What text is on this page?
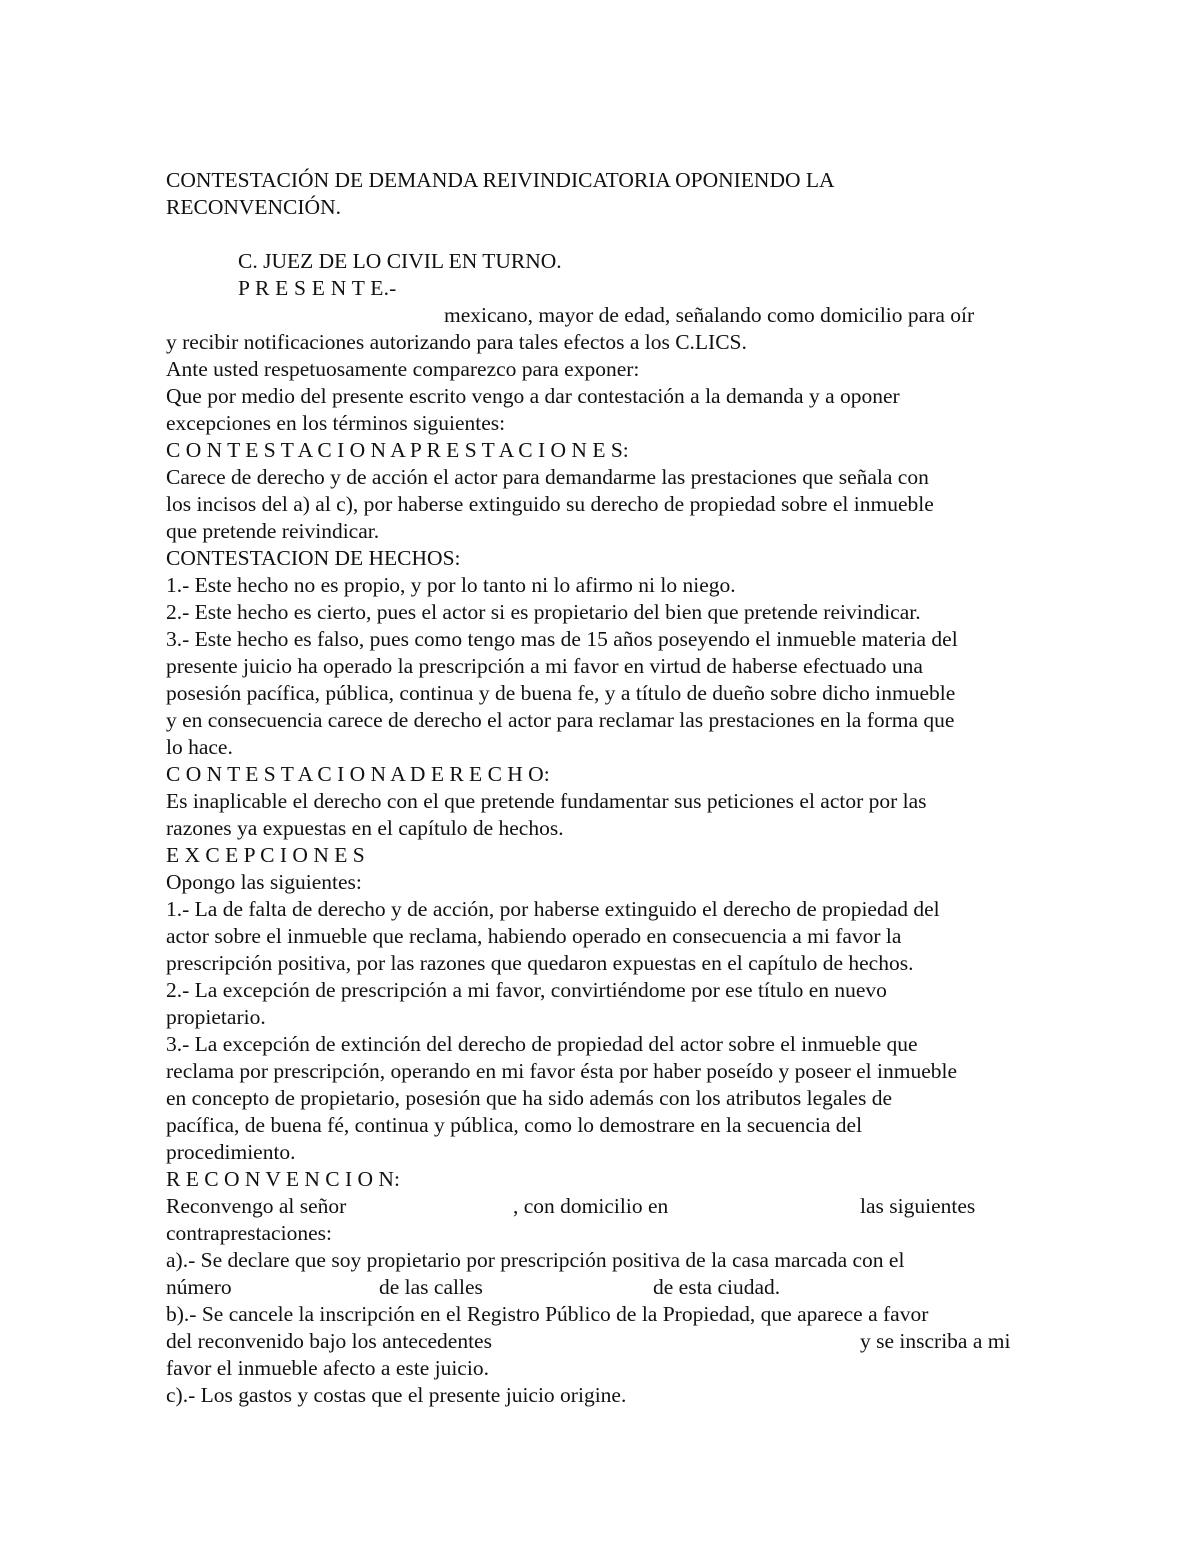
CONTESTACIÓN DE DEMANDA REIVINDICATORIA OPONIENDO LA
RECONVENCIÓN.
C. JUEZ DE LO CIVIL EN TURNO.
P R E S E N T E.-
mexicano, mayor de edad, señalando como domicilio para oír
y recibir notificaciones autorizando para tales efectos a los C.LICS.
Ante usted respetuosamente comparezco para exponer:
Que por medio del presente escrito vengo a dar contestación a la demanda y a oponer
excepciones en los términos siguientes:
C O N T E S T A C I O N A P R E S T A C I O N E S:
Carece de derecho y de acción el actor para demandarme las prestaciones que señala con
los incisos del a) al c), por haberse extinguido su derecho de propiedad sobre el inmueble
que pretende reivindicar.
CONTESTACION DE HECHOS:
1.- Este hecho no es propio, y por lo tanto ni lo afirmo ni lo niego.
2.- Este hecho es cierto, pues el actor si es propietario del bien que pretende reivindicar.
3.- Este hecho es falso, pues como tengo mas de 15 años poseyendo el inmueble materia del
presente juicio ha operado la prescripción a mi favor en virtud de haberse efectuado una
posesión pacífica, pública, continua y de buena fe, y a título de dueño sobre dicho inmueble
y en consecuencia carece de derecho el actor para reclamar las prestaciones en la forma que
lo hace.
C O N T E S T A C I O N A D E R E C H O:
Es inaplicable el derecho con el que pretende fundamentar sus peticiones el actor por las
razones ya expuestas en el capítulo de hechos.
E X C E P C I O N E S
Opongo las siguientes:
1.- La de falta de derecho y de acción, por haberse extinguido el derecho de propiedad del
actor sobre el inmueble que reclama, habiendo operado en consecuencia a mi favor la
prescripción positiva, por las razones que quedaron expuestas en el capítulo de hechos.
2.- La excepción de prescripción a mi favor, convirtiéndome por ese título en nuevo
propietario.
3.- La excepción de extinción del derecho de propiedad del actor sobre el inmueble que
reclama por prescripción, operando en mi favor ésta por haber poseído y poseer el inmueble
en concepto de propietario, posesión que ha sido además con los atributos legales de
pacífica, de buena fé, continua y pública, como lo demostrare en la secuencia del
procedimiento.
R E C O N V E N C I O N:
Reconvengo al señor	, con domicilio en	las siguientes
contraprestaciones:
a).- Se declare que soy propietario por prescripción positiva de la casa marcada con el
número	de las calles	de esta ciudad.
b).- Se cancele la inscripción en el Registro Público de la Propiedad, que aparece a favor
del reconvenido bajo los antecedentes	y se inscriba a mi
favor el inmueble afecto a este juicio.
c).- Los gastos y costas que el presente juicio origine.
